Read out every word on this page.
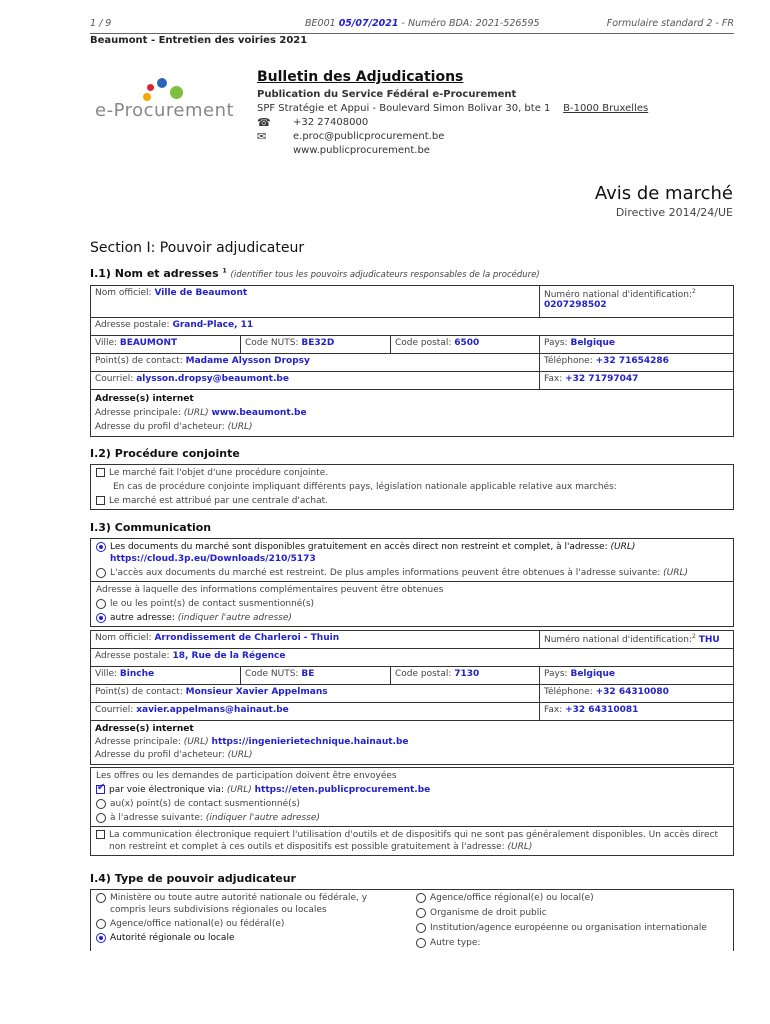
1 / 9	BE001 05/07/2021 - Numéro BDA: 2021-526595	Formulaire standard 2 - FR
Beaumont - Entretien des voiries 2021
e-Procurement
Bulletin des Adjudications
Publication du Service Fédéral e-Procurement
SPF Stratégie et Appui - Boulevard Simon Bolivar 30, bte 1 B-1000 Bruxelles
☎	+32 27408000
✉	e.proc@publicprocurement.be
www.publicprocurement.be
Avis de marché
Directive 2014/24/UE
Section I: Pouvoir adjudicateur
I.1) Nom et adresses $^1$ (identifier tous les pouvoirs adjudicateurs responsables de la procédure)
Nom officiel: Ville de Beaumont			Numéro national d'identification:$^2$ 0207298502
Adresse postale: Grand-Place, 11			
Ville: BEAUMONT	Code NUTS: BE32D	Code postal: 6500	Pays: Belgique
Point(s) de contact: Madame Alysson Dropsy			Téléphone: +32 71654286
Courriel: alysson.dropsy@beaumont.be			Fax: +32 71797047

Adresse(s) internet
Adresse principale: (URL) www.beaumont.be
Adresse du profil d'acheteur: (URL)			
I.2) Procédure conjointe
Le marché fait l'objet d'une procédure conjointe.
En cas de procédure conjointe impliquant différents pays, législation nationale applicable relative aux marchés:
Le marché est attribué par une centrale d'achat.
I.3) Communication
Les documents du marché sont disponibles gratuitement en accès direct non restreint et complet, à l'adresse: (URL)
https://cloud.3p.eu/Downloads/210/5173
L'accès aux documents du marché est restreint. De plus amples informations peuvent être obtenues à l'adresse suivante: (URL)
Adresse à laquelle des informations complémentaires peuvent être obtenues
le ou les point(s) de contact susmentionné(s)
autre adresse: (indiquer l'autre adresse)
Nom officiel: Arrondissement de Charleroi - Thuin			Numéro national d'identification:$^2$ THU
Adresse postale: 18, Rue de la Régence			
Ville: Binche	Code NUTS: BE	Code postal: 7130	Pays: Belgique
Point(s) de contact: Monsieur Xavier Appelmans			Téléphone: +32 64310080
Courriel: xavier.appelmans@hainaut.be			Fax: +32 64310081

Adresse(s) internet
Adresse principale: (URL) https://ingenierietechnique.hainaut.be
Adresse du profil d'acheteur: (URL)			
Les offres ou les demandes de participation doivent être envoyées
✔
par voie électronique via: (URL) https://eten.publicprocurement.be
au(x) point(s) de contact susmentionné(s)
à l'adresse suivante: (indiquer l'autre adresse)
La communication électronique requiert l'utilisation d'outils et de dispositifs qui ne sont pas généralement disponibles. Un accès direct
non restreint et complet à ces outils et dispositifs est possible gratuitement à l'adresse: (URL)
I.4) Type de pouvoir adjudicateur
Ministère ou toute autre autorité nationale ou fédérale, y compris leurs subdivisions régionales ou locales
Agence/office national(e) ou fédéral(e)
Autorité régionale ou locale
Agence/office régional(e) ou local(e)
Organisme de droit public
Institution/agence européenne ou organisation internationale
Autre type:
